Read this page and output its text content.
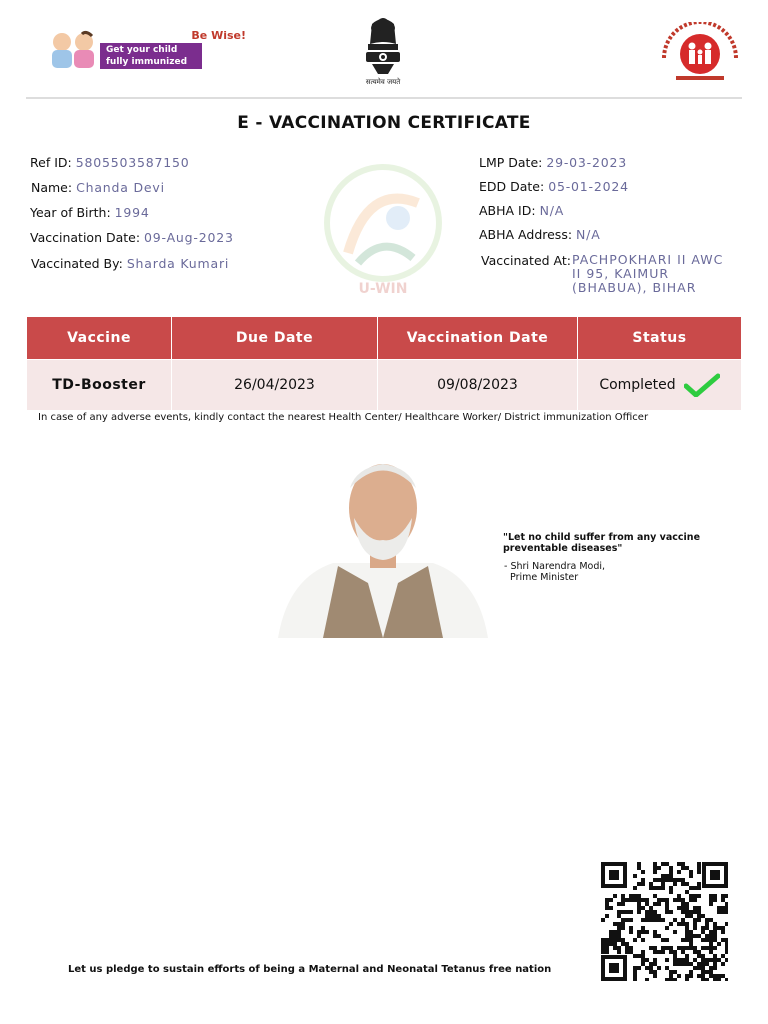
Be Wise!
Get your child
fully immunized
सत्यमेव जयते
E - VACCINATION CERTIFICATE
U-WIN
Ref ID: 5805503587150
Name: Chanda Devi
Year of Birth: 1994
Vaccination Date: 09-Aug-2023
Vaccinated By: Sharda Kumari
LMP Date: 29-03-2023
EDD Date: 05-01-2024
ABHA ID: N/A
ABHA Address: N/A
Vaccinated At: PACHPOKHARI II AWC
II 95, KAIMUR
(BHABUA), BIHAR
Vaccine	Due Date	Vaccination Date	Status
TD-Booster	26/04/2023	09/08/2023	Completed
In case of any adverse events, kindly contact the nearest Health Center/ Healthcare Worker/ District immunization Officer
"Let no child suffer from any vaccine preventable diseases"
- Shri Narendra Modi,
Prime Minister
Let us pledge to sustain efforts of being a Maternal and Neonatal Tetanus free nation
